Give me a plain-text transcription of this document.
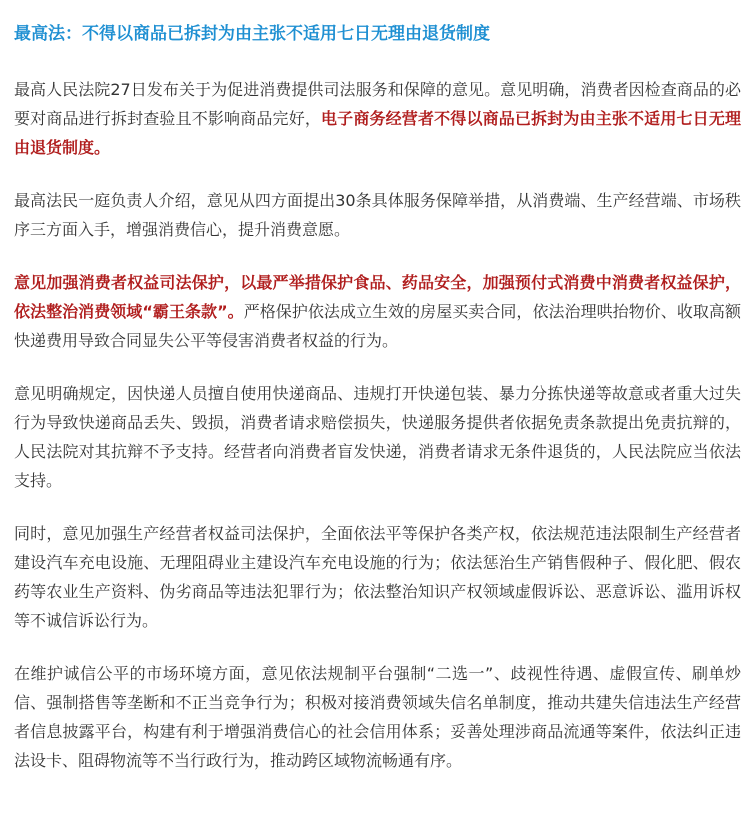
最高法：不得以商品已拆封为由主张不适用七日无理由退货制度

最高人民法院27日发布关于为促进消费提供司法服务和保障的意见。意见明确，消费者因检查商品的必要对商品进行拆封查验且不影响商品完好，电子商务经营者不得以商品已拆封为由主张不适用七日无理由退货制度。

最高法民一庭负责人介绍，意见从四方面提出30条具体服务保障举措，从消费端、生产经营端、市场秩序三方面入手，增强消费信心，提升消费意愿。

意见加强消费者权益司法保护，以最严举措保护食品、药品安全，加强预付式消费中消费者权益保护，依法整治消费领域“霸王条款”。严格保护依法成立生效的房屋买卖合同，依法治理哄抬物价、收取高额快递费用导致合同显失公平等侵害消费者权益的行为。

意见明确规定，因快递人员擅自使用快递商品、违规打开快递包装、暴力分拣快递等故意或者重大过失行为导致快递商品丢失、毁损，消费者请求赔偿损失，快递服务提供者依据免责条款提出免责抗辩的，人民法院对其抗辩不予支持。经营者向消费者盲发快递，消费者请求无条件退货的，人民法院应当依法支持。

同时，意见加强生产经营者权益司法保护，全面依法平等保护各类产权，依法规范违法限制生产经营者建设汽车充电设施、无理阻碍业主建设汽车充电设施的行为；依法惩治生产销售假种子、假化肥、假农药等农业生产资料、伪劣商品等违法犯罪行为；依法整治知识产权领域虚假诉讼、恶意诉讼、滥用诉权等不诚信诉讼行为。

在维护诚信公平的市场环境方面，意见依法规制平台强制“二选一”、歧视性待遇、虚假宣传、刷单炒信、强制搭售等垄断和不正当竞争行为；积极对接消费领域失信名单制度，推动共建失信违法生产经营者信息披露平台，构建有利于增强消费信心的社会信用体系；妥善处理涉商品流通等案件，依法纠正违法设卡、阻碍物流等不当行政行为，推动跨区域物流畅通有序。
